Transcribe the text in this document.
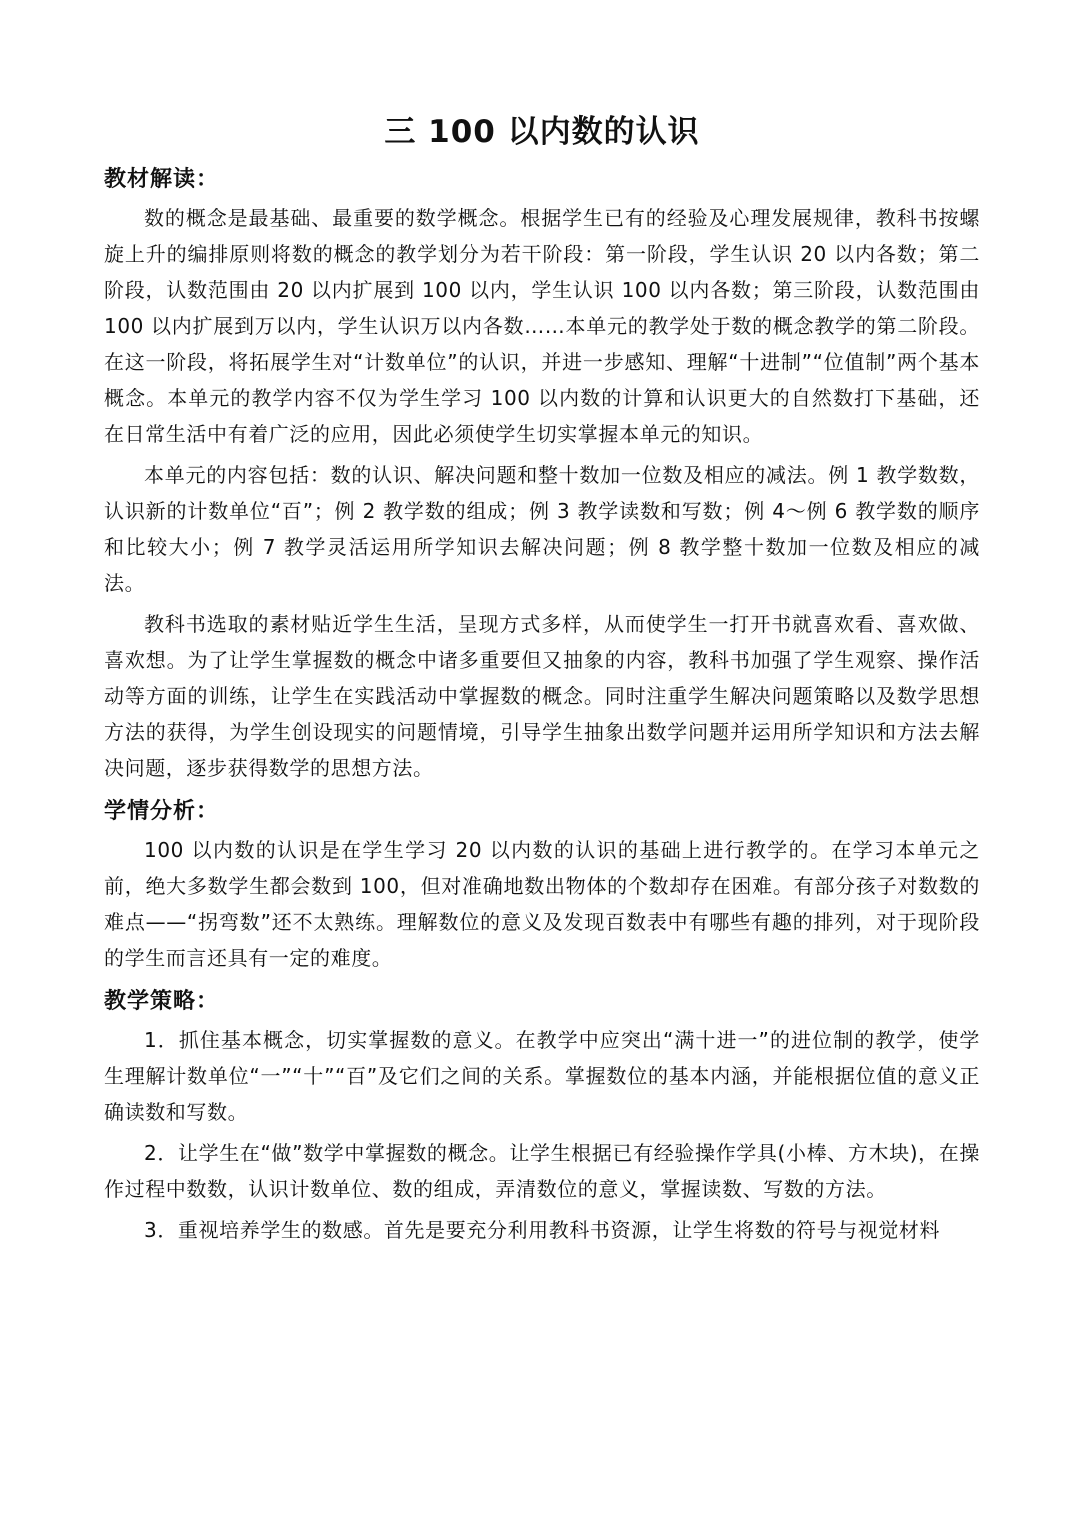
三 100 以内数的认识
教材解读：

数的概念是最基础、最重要的数学概念。根据学生已有的经验及心理发展规律，教科书按螺旋上升的编排原则将数的概念的教学划分为若干阶段：第一阶段，学生认识 20 以内各数；第二阶段，认数范围由 20 以内扩展到 100 以内，学生认识 100 以内各数；第三阶段，认数范围由 100 以内扩展到万以内，学生认识万以内各数……本单元的教学处于数的概念教学的第二阶段。在这一阶段，将拓展学生对“计数单位”的认识，并进一步感知、理解“十进制”“位值制”两个基本概念。本单元的教学内容不仅为学生学习 100 以内数的计算和认识更大的自然数打下基础，还在日常生活中有着广泛的应用，因此必须使学生切实掌握本单元的知识。

本单元的内容包括：数的认识、解决问题和整十数加一位数及相应的减法。例 1 教学数数，认识新的计数单位“百”；例 2 教学数的组成；例 3 教学读数和写数；例 4～例 6 教学数的顺序和比较大小；例 7 教学灵活运用所学知识去解决问题；例 8 教学整十数加一位数及相应的减法。

教科书选取的素材贴近学生生活，呈现方式多样，从而使学生一打开书就喜欢看、喜欢做、喜欢想。为了让学生掌握数的概念中诸多重要但又抽象的内容，教科书加强了学生观察、操作活动等方面的训练，让学生在实践活动中掌握数的概念。同时注重学生解决问题策略以及数学思想方法的获得，为学生创设现实的问题情境，引导学生抽象出数学问题并运用所学知识和方法去解决问题，逐步获得数学的思想方法。

学情分析：

100 以内数的认识是在学生学习 20 以内数的认识的基础上进行教学的。在学习本单元之前，绝大多数学生都会数到 100，但对准确地数出物体的个数却存在困难。有部分孩子对数数的难点——“拐弯数”还不太熟练。理解数位的意义及发现百数表中有哪些有趣的排列，对于现阶段的学生而言还具有一定的难度。

教学策略：

1．抓住基本概念，切实掌握数的意义。在教学中应突出“满十进一”的进位制的教学，使学生理解计数单位“一”“十”“百”及它们之间的关系。掌握数位的基本内涵，并能根据位值的意义正确读数和写数。

2．让学生在“做”数学中掌握数的概念。让学生根据已有经验操作学具(小棒、方木块)，在操作过程中数数，认识计数单位、数的组成，弄清数位的意义，掌握读数、写数的方法。

3．重视培养学生的数感。首先是要充分利用教科书资源，让学生将数的符号与视觉材料
